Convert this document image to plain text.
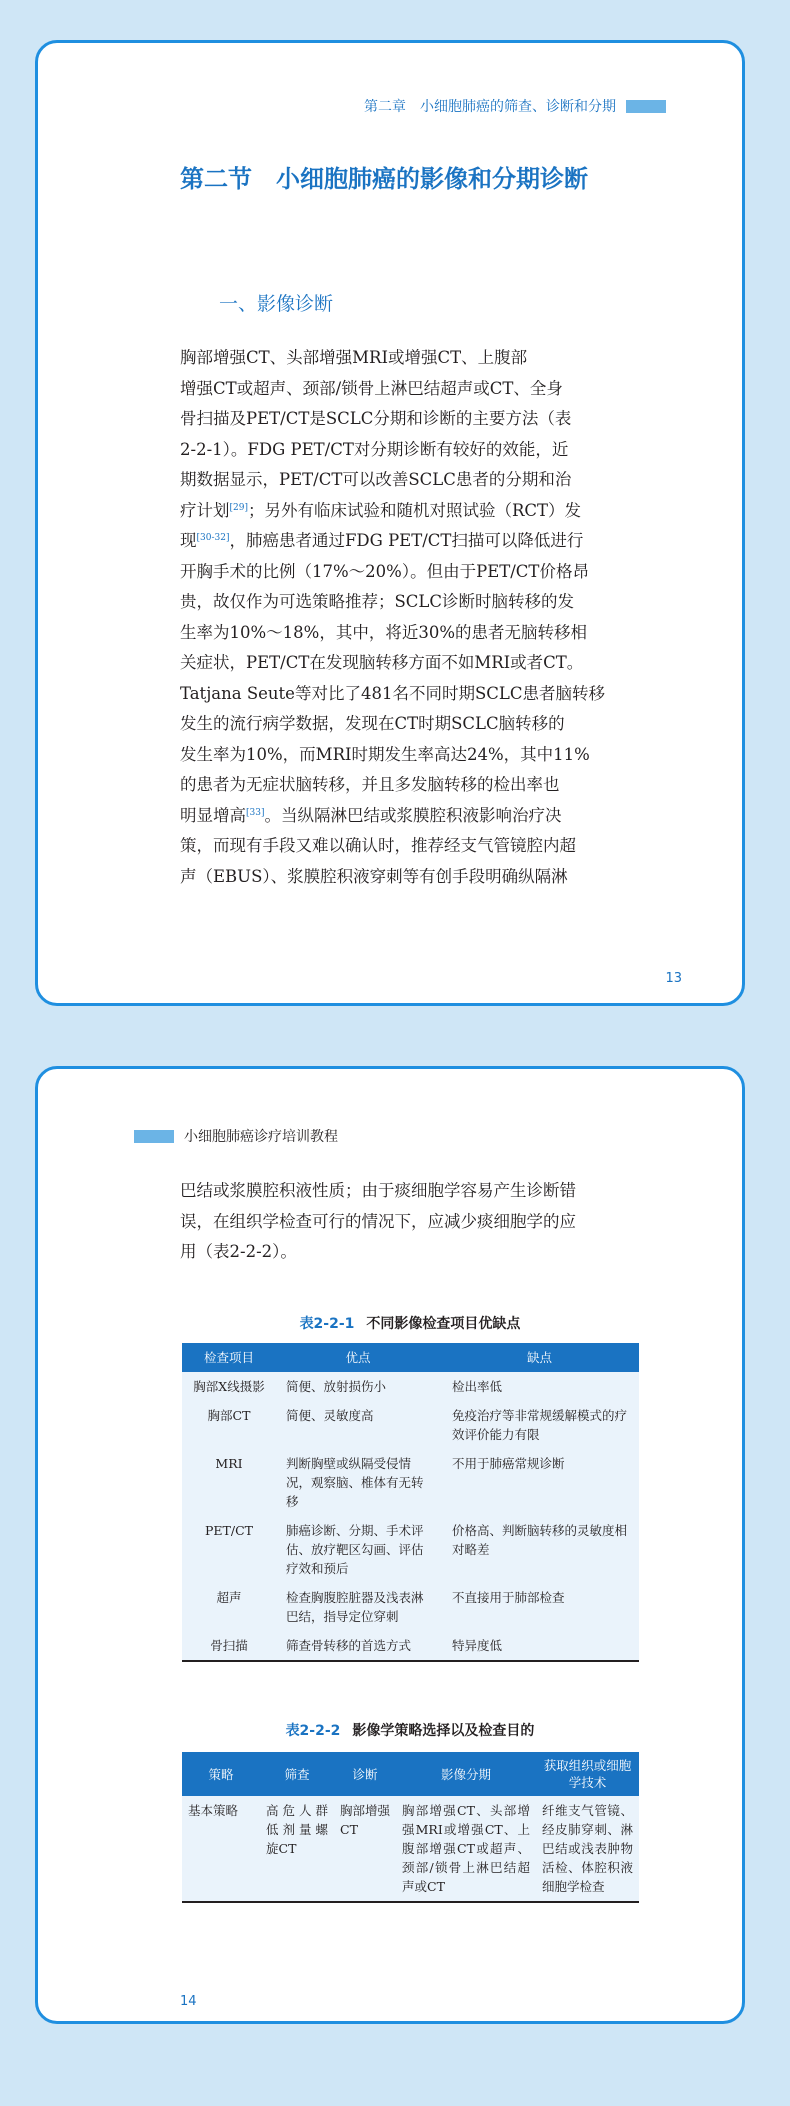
第二章　小细胞肺癌的筛查、诊断和分期
第二节　小细胞肺癌的影像和分期诊断
一、影像诊断

胸部增强CT、头部增强MRI或增强CT、上腹部
增强CT或超声、颈部/锁骨上淋巴结超声或CT、全身
骨扫描及PET/CT是SCLC分期和诊断的主要方法（表
2-2-1）。FDG PET/CT对分期诊断有较好的效能，近
期数据显示，PET/CT可以改善SCLC患者的分期和治
疗计划[29]；另外有临床试验和随机对照试验（RCT）发
现[30-32]，肺癌患者通过FDG PET/CT扫描可以降低进行
开胸手术的比例（17%～20%）。但由于PET/CT价格昂
贵，故仅作为可选策略推荐；SCLC诊断时脑转移的发
生率为10%～18%，其中，将近30%的患者无脑转移相
关症状，PET/CT在发现脑转移方面不如MRI或者CT。
Tatjana Seute等对比了481名不同时期SCLC患者脑转移
发生的流行病学数据，发现在CT时期SCLC脑转移的
发生率为10%，而MRI时期发生率高达24%，其中11%
的患者为无症状脑转移，并且多发脑转移的检出率也
明显增高[33]。当纵隔淋巴结或浆膜腔积液影响治疗决
策，而现有手段又难以确认时，推荐经支气管镜腔内超
声（EBUS）、浆膜腔积液穿刺等有创手段明确纵隔淋

13
小细胞肺癌诊疗培训教程

巴结或浆膜腔积液性质；由于痰细胞学容易产生诊断错
误，在组织学检查可行的情况下，应减少痰细胞学的应
用（表2-2-2）。

表2-2-1 不同影像检查项目优缺点
检查项目	优点	缺点
胸部X线摄影	简便、放射损伤小	检出率低
胸部CT	简便、灵敏度高	免疫治疗等非常规缓解模式的疗效评价能力有限
MRI	判断胸壁或纵隔受侵情况，观察脑、椎体有无转移	不用于肺癌常规诊断
PET/CT	肺癌诊断、分期、手术评估、放疗靶区勾画、评估疗效和预后	价格高、判断脑转移的灵敏度相对略差
超声	检查胸腹腔脏器及浅表淋巴结，指导定位穿刺	不直接用于肺部检查
骨扫描	筛查骨转移的首选方式	特异度低
表2-2-2 影像学策略选择以及检查目的
策略	筛查	诊断	影像分期	获取组织或细胞学技术
基本策略	高危人群低剂量螺旋CT	胸部增强CT	胸部增强CT、头部增强MRI或增强CT、上腹部增强CT或超声、颈部/锁骨上淋巴结超声或CT	纤维支气管镜、经皮肺穿刺、淋巴结或浅表肿物活检、体腔积液细胞学检查
14
